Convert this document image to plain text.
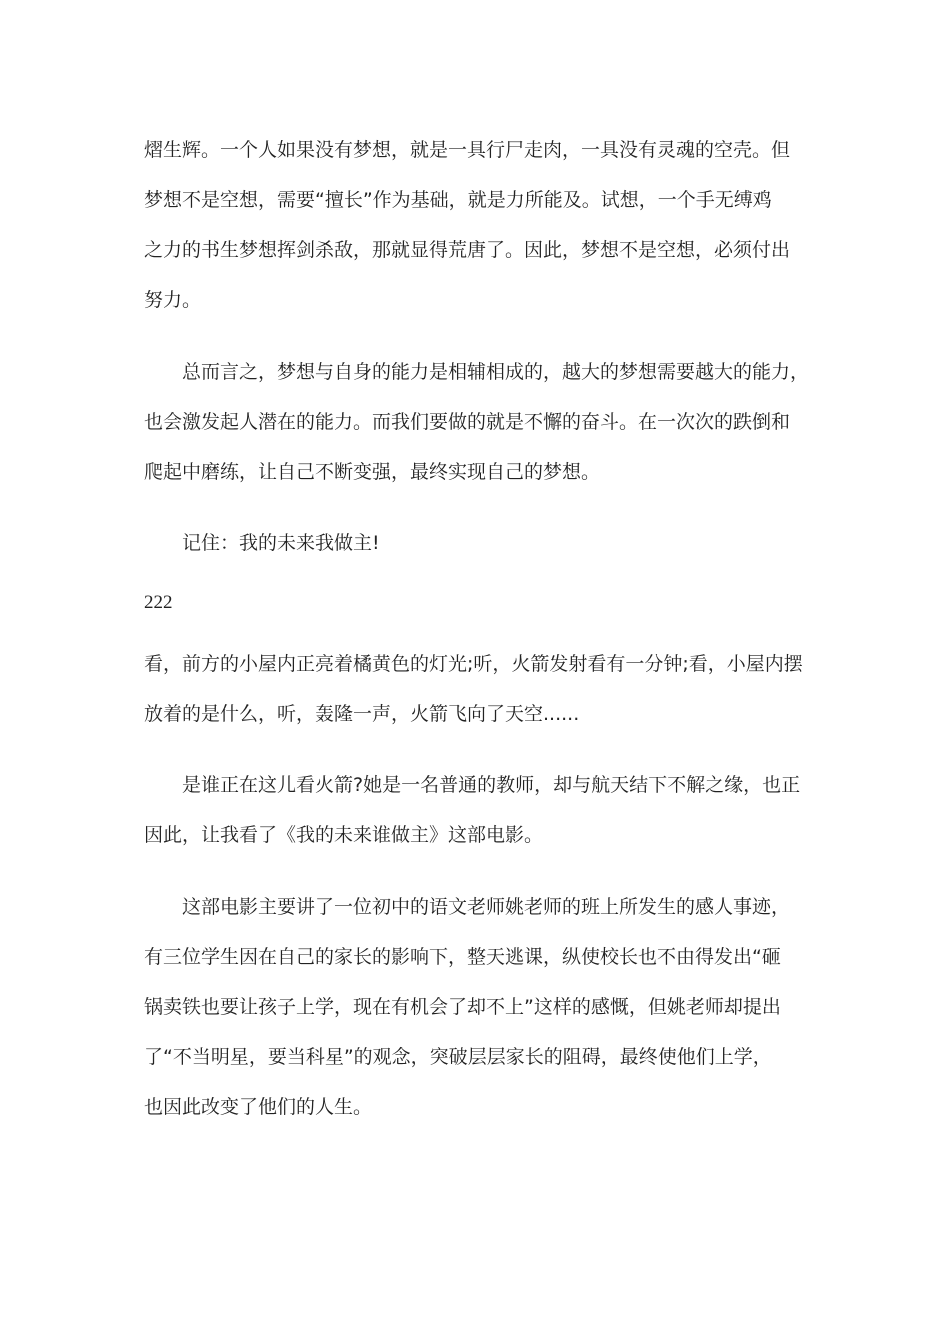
熠生辉。一个人如果没有梦想，就是一具行尸走肉，一具没有灵魂的空壳。但
梦想不是空想，需要“擅长”作为基础，就是力所能及。试想，一个手无缚鸡
之力的书生梦想挥剑杀敌，那就显得荒唐了。因此，梦想不是空想，必须付出
努力。
总而言之，梦想与自身的能力是相辅相成的，越大的梦想需要越大的能力，
也会激发起人潜在的能力。而我们要做的就是不懈的奋斗。在一次次的跌倒和
爬起中磨练，让自己不断变强，最终实现自己的梦想。
记住：我的未来我做主!
222
看，前方的小屋内正亮着橘黄色的灯光;听，火箭发射看有一分钟;看，小屋内摆
放着的是什么，听，轰隆一声，火箭飞向了天空......
是谁正在这儿看火箭?她是一名普通的教师，却与航天结下不解之缘，也正
因此，让我看了《我的未来谁做主》这部电影。
这部电影主要讲了一位初中的语文老师姚老师的班上所发生的感人事迹，
有三位学生因在自己的家长的影响下，整天逃课，纵使校长也不由得发出“砸
锅卖铁也要让孩子上学，现在有机会了却不上”这样的感慨，但姚老师却提出
了“不当明星，要当科星”的观念，突破层层家长的阻碍，最终使他们上学，
也因此改变了他们的人生。
